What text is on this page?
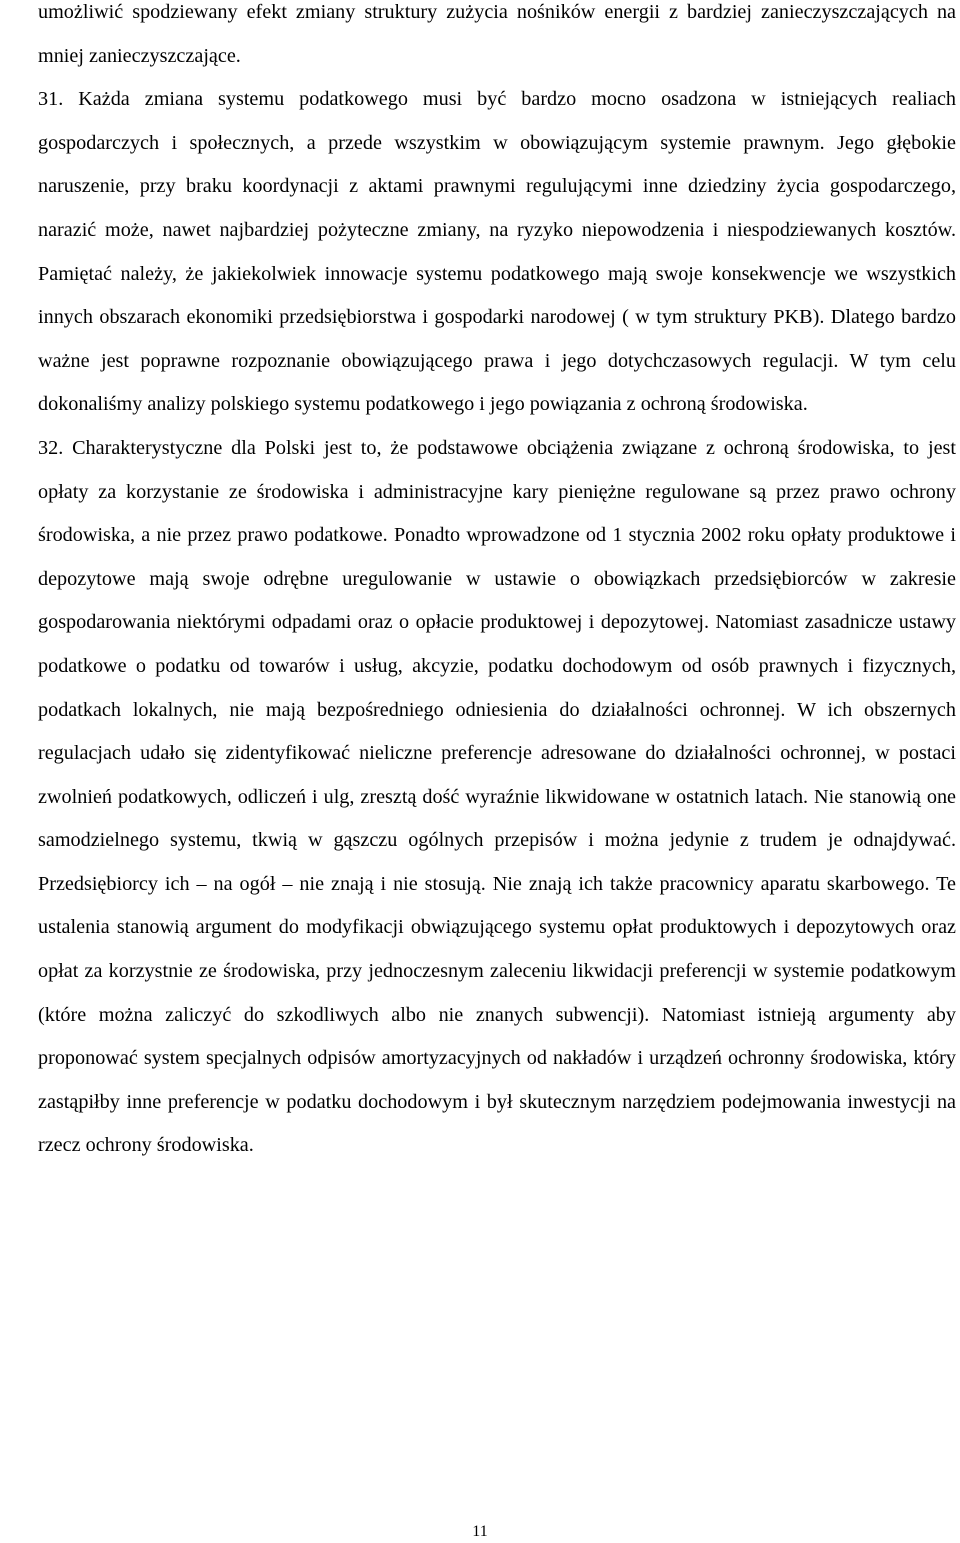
umożliwić spodziewany efekt zmiany struktury zużycia nośników energii z bardziej zanieczyszczających na mniej zanieczyszczające.

31. Każda zmiana systemu podatkowego musi być bardzo mocno osadzona w istniejących realiach gospodarczych i społecznych, a przede wszystkim w obowiązującym systemie prawnym. Jego głębokie naruszenie, przy braku koordynacji z aktami prawnymi regulującymi inne dziedziny życia gospodarczego, narazić może, nawet najbardziej pożyteczne zmiany, na ryzyko niepowodzenia i niespodziewanych kosztów. Pamiętać należy, że jakiekolwiek innowacje systemu podatkowego mają swoje konsekwencje we wszystkich innych obszarach ekonomiki przedsiębiorstwa i gospodarki narodowej ( w tym struktury PKB). Dlatego bardzo ważne jest poprawne rozpoznanie obowiązującego prawa i jego dotychczasowych regulacji. W tym celu dokonaliśmy analizy polskiego systemu podatkowego i jego powiązania z ochroną środowiska.

32. Charakterystyczne dla Polski jest to, że podstawowe obciążenia związane z ochroną środowiska, to jest opłaty za korzystanie ze środowiska i administracyjne kary pieniężne regulowane są przez prawo ochrony środowiska, a nie przez prawo podatkowe. Ponadto wprowadzone od 1 stycznia 2002 roku opłaty produktowe i depozytowe mają swoje odrębne uregulowanie w ustawie o obowiązkach przedsiębiorców w zakresie gospodarowania niektórymi odpadami oraz o opłacie produktowej i depozytowej. Natomiast zasadnicze ustawy podatkowe o podatku od towarów i usług, akcyzie, podatku dochodowym od osób prawnych i fizycznych, podatkach lokalnych, nie mają bezpośredniego odniesienia do działalności ochronnej. W ich obszernych regulacjach udało się zidentyfikować nieliczne preferencje adresowane do działalności ochronnej, w postaci zwolnień podatkowych, odliczeń i ulg, zresztą dość wyraźnie likwidowane w ostatnich latach. Nie stanowią one samodzielnego systemu, tkwią w gąszczu ogólnych przepisów i można jedynie z trudem je odnajdywać. Przedsiębiorcy ich – na ogół – nie znają i nie stosują. Nie znają ich także pracownicy aparatu skarbowego. Te ustalenia stanowią argument do modyfikacji obwiązującego systemu opłat produktowych i depozytowych oraz opłat za korzystnie ze środowiska, przy jednoczesnym zaleceniu likwidacji preferencji w systemie podatkowym (które można zaliczyć do szkodliwych albo nie znanych subwencji). Natomiast istnieją argumenty aby proponować system specjalnych odpisów amortyzacyjnych od nakładów i urządzeń ochronny środowiska, który zastąpiłby inne preferencje w podatku dochodowym i był skutecznym narzędziem podejmowania inwestycji na rzecz ochrony środowiska.

11
